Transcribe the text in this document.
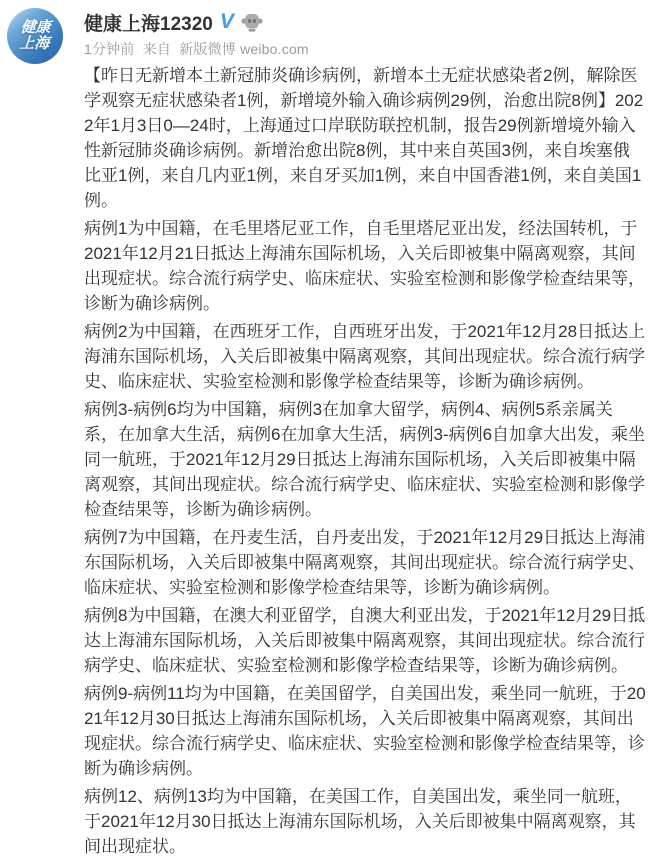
健康
上海
健康上海12320 V
1分钟前 来自 新版微博 weibo.com

【昨日无新增本土新冠肺炎确诊病例，新增本土无症状感染者2例，解除医学观察无症状感染者1例，新增境外输入确诊病例29例，治愈出院8例】2022年1月3日0—24时，上海通过口岸联防联控机制，报告29例新增境外输入性新冠肺炎确诊病例。新增治愈出院8例，其中来自英国3例，来自埃塞俄比亚1例，来自几内亚1例，来自牙买加1例，来自中国香港1例，来自美国1例。

病例1为中国籍，在毛里塔尼亚工作，自毛里塔尼亚出发，经法国转机，于2021年12月21日抵达上海浦东国际机场，入关后即被集中隔离观察，其间出现症状。综合流行病学史、临床症状、实验室检测和影像学检查结果等，诊断为确诊病例。

病例2为中国籍，在西班牙工作，自西班牙出发，于2021年12月28日抵达上海浦东国际机场，入关后即被集中隔离观察，其间出现症状。综合流行病学史、临床症状、实验室检测和影像学检查结果等，诊断为确诊病例。

病例3-病例6均为中国籍，病例3在加拿大留学，病例4、病例5系亲属关系，在加拿大生活，病例6在加拿大生活，病例3-病例6自加拿大出发，乘坐同一航班，于2021年12月29日抵达上海浦东国际机场，入关后即被集中隔离观察，其间出现症状。综合流行病学史、临床症状、实验室检测和影像学检查结果等，诊断为确诊病例。

病例7为中国籍，在丹麦生活，自丹麦出发，于2021年12月29日抵达上海浦东国际机场，入关后即被集中隔离观察，其间出现症状。综合流行病学史、临床症状、实验室检测和影像学检查结果等，诊断为确诊病例。

病例8为中国籍，在澳大利亚留学，自澳大利亚出发，于2021年12月29日抵达上海浦东国际机场，入关后即被集中隔离观察，其间出现症状。综合流行病学史、临床症状、实验室检测和影像学检查结果等，诊断为确诊病例。

病例9-病例11均为中国籍，在美国留学，自美国出发，乘坐同一航班，于2021年12月30日抵达上海浦东国际机场，入关后即被集中隔离观察，其间出现症状。综合流行病学史、临床症状、实验室检测和影像学检查结果等，诊断为确诊病例。

病例12、病例13均为中国籍，在美国工作，自美国出发，乘坐同一航班，于2021年12月30日抵达上海浦东国际机场，入关后即被集中隔离观察，其间出现症状。
